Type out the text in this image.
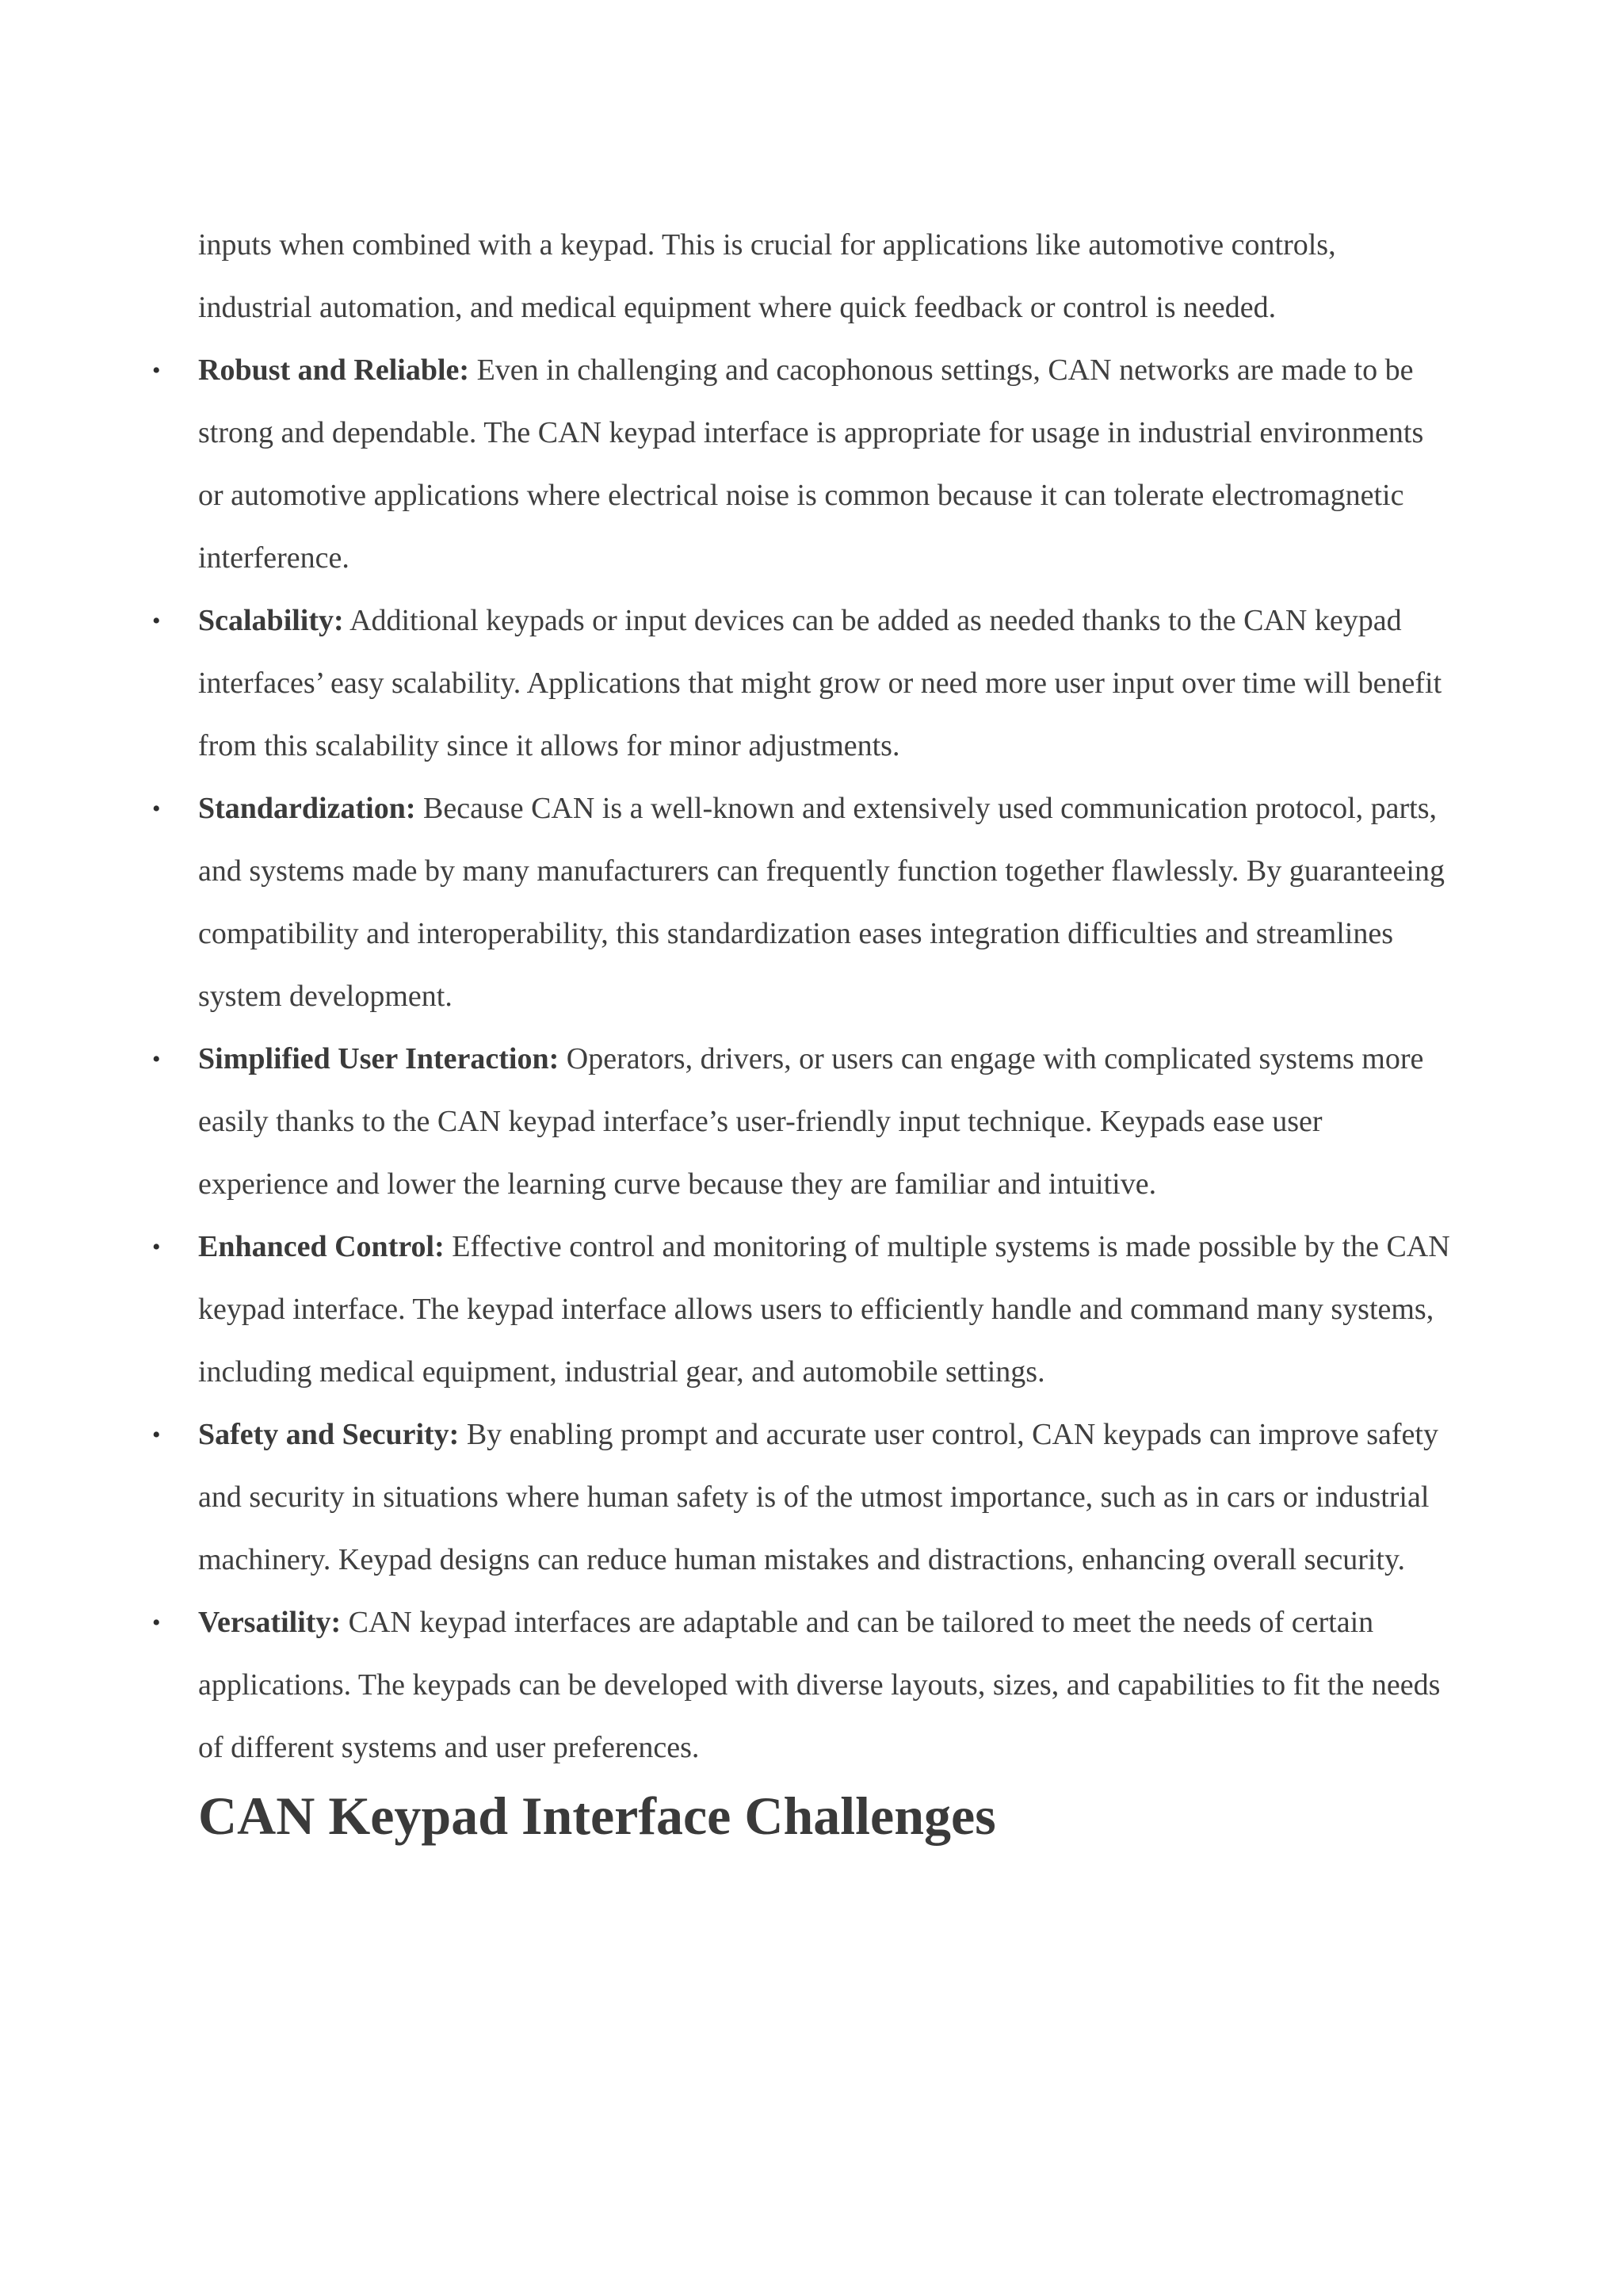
inputs when combined with a keypad. This is crucial for applications like automotive controls, industrial automation, and medical equipment where quick feedback or control is needed.

• Robust and Reliable: Even in challenging and cacophonous settings, CAN networks are made to be strong and dependable. The CAN keypad interface is appropriate for usage in industrial environments or automotive applications where electrical noise is common because it can tolerate electromagnetic interference.
• Scalability: Additional keypads or input devices can be added as needed thanks to the CAN keypad interfaces’ easy scalability. Applications that might grow or need more user input over time will benefit from this scalability since it allows for minor adjustments.
• Standardization: Because CAN is a well-known and extensively used communication protocol, parts, and systems made by many manufacturers can frequently function together flawlessly. By guaranteeing compatibility and interoperability, this standardization eases integration difficulties and streamlines system development.
• Simplified User Interaction: Operators, drivers, or users can engage with complicated systems more easily thanks to the CAN keypad interface’s user-friendly input technique. Keypads ease user experience and lower the learning curve because they are familiar and intuitive.
• Enhanced Control: Effective control and monitoring of multiple systems is made possible by the CAN keypad interface. The keypad interface allows users to efficiently handle and command many systems, including medical equipment, industrial gear, and automobile settings.
• Safety and Security: By enabling prompt and accurate user control, CAN keypads can improve safety and security in situations where human safety is of the utmost importance, such as in cars or industrial machinery. Keypad designs can reduce human mistakes and distractions, enhancing overall security.
• Versatility: CAN keypad interfaces are adaptable and can be tailored to meet the needs of certain applications. The keypads can be developed with diverse layouts, sizes, and capabilities to fit the needs of different systems and user preferences.
CAN Keypad Interface Challenges
